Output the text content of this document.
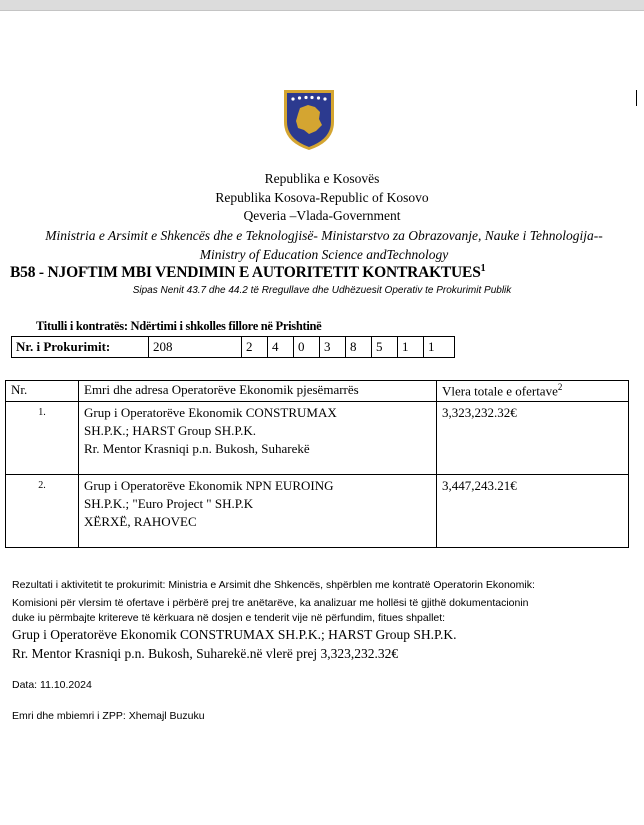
Republika e Kosovës
Republika Kosova-Republic of Kosovo
Qeveria –Vlada-Government
Ministria e Arsimit e Shkencës dhe e Teknologjisë- Ministarstvo za Obrazovanje, Nauke i Tehnologija--Ministry of Education Science andTechnology
B58 - NJOFTIM MBI VENDIMIN E AUTORITETIT KONTRAKTUES$^1$
Sipas Nenit 43.7 dhe 44.2 të Rregullave dhe Udhëzuesit Operativ te Prokurimit Publik
Titulli i kontratës: Ndërtimi i shkolles fillore në Prishtinë
Nr. i Prokurimit:	208	2	4	0	3	8	5	1	1
Nr.	Emri dhe adresa Operatorëve Ekonomik pjesëmarrës	Vlera totale e ofertave$^2$
1.	Grup i Operatorëve Ekonomik CONSTRUMAX
SH.P.K.; HARST Group SH.P.K.
Rr. Mentor Krasniqi p.n. Bukosh, Suharekë	3,323,232.32€
2.	Grup i Operatorëve Ekonomik NPN EUROING
SH.P.K.; "Euro Project " SH.P.K
XËRXË, RAHOVEC	3,447,243.21€
Rezultati i aktivitetit te prokurimit: Ministria e Arsimit dhe Shkencës, shpërblen me kontratë Operatorin Ekonomik:
Komisioni për vlersim të ofertave i përbërë prej tre anëtarëve, ka analizuar me hollësi të gjithë dokumentacionin
duke iu përmbajte kritereve të kërkuara në dosjen e tenderit vije në përfundim, fitues shpallet:
Grup i Operatorëve Ekonomik CONSTRUMAX SH.P.K.; HARST Group SH.P.K.
Rr. Mentor Krasniqi p.n. Bukosh, Suharekë.në vlerë prej 3,323,232.32€
Data: 11.10.2024
Emri dhe mbiemri i ZPP: Xhemajl Buzuku
